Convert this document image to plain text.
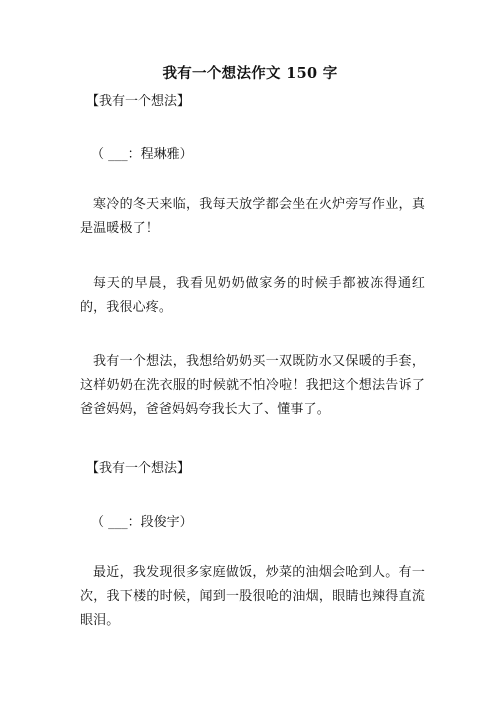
我有一个想法作文 150 字
【我有一个想法】
（ ___：程琳雅）
寒冷的冬天来临，我每天放学都会坐在火炉旁写作业，真是温暖极了！
每天的早晨，我看见奶奶做家务的时候手都被冻得通红的，我很心疼。
我有一个想法，我想给奶奶买一双既防水又保暖的手套，这样奶奶在洗衣服的时候就不怕冷啦！我把这个想法告诉了爸爸妈妈，爸爸妈妈夸我长大了、懂事了。
【我有一个想法】
（ ___：段俊宇）
最近，我发现很多家庭做饭，炒菜的油烟会呛到人。有一次，我下楼的时候，闻到一股很呛的油烟，眼睛也辣得直流眼泪。
